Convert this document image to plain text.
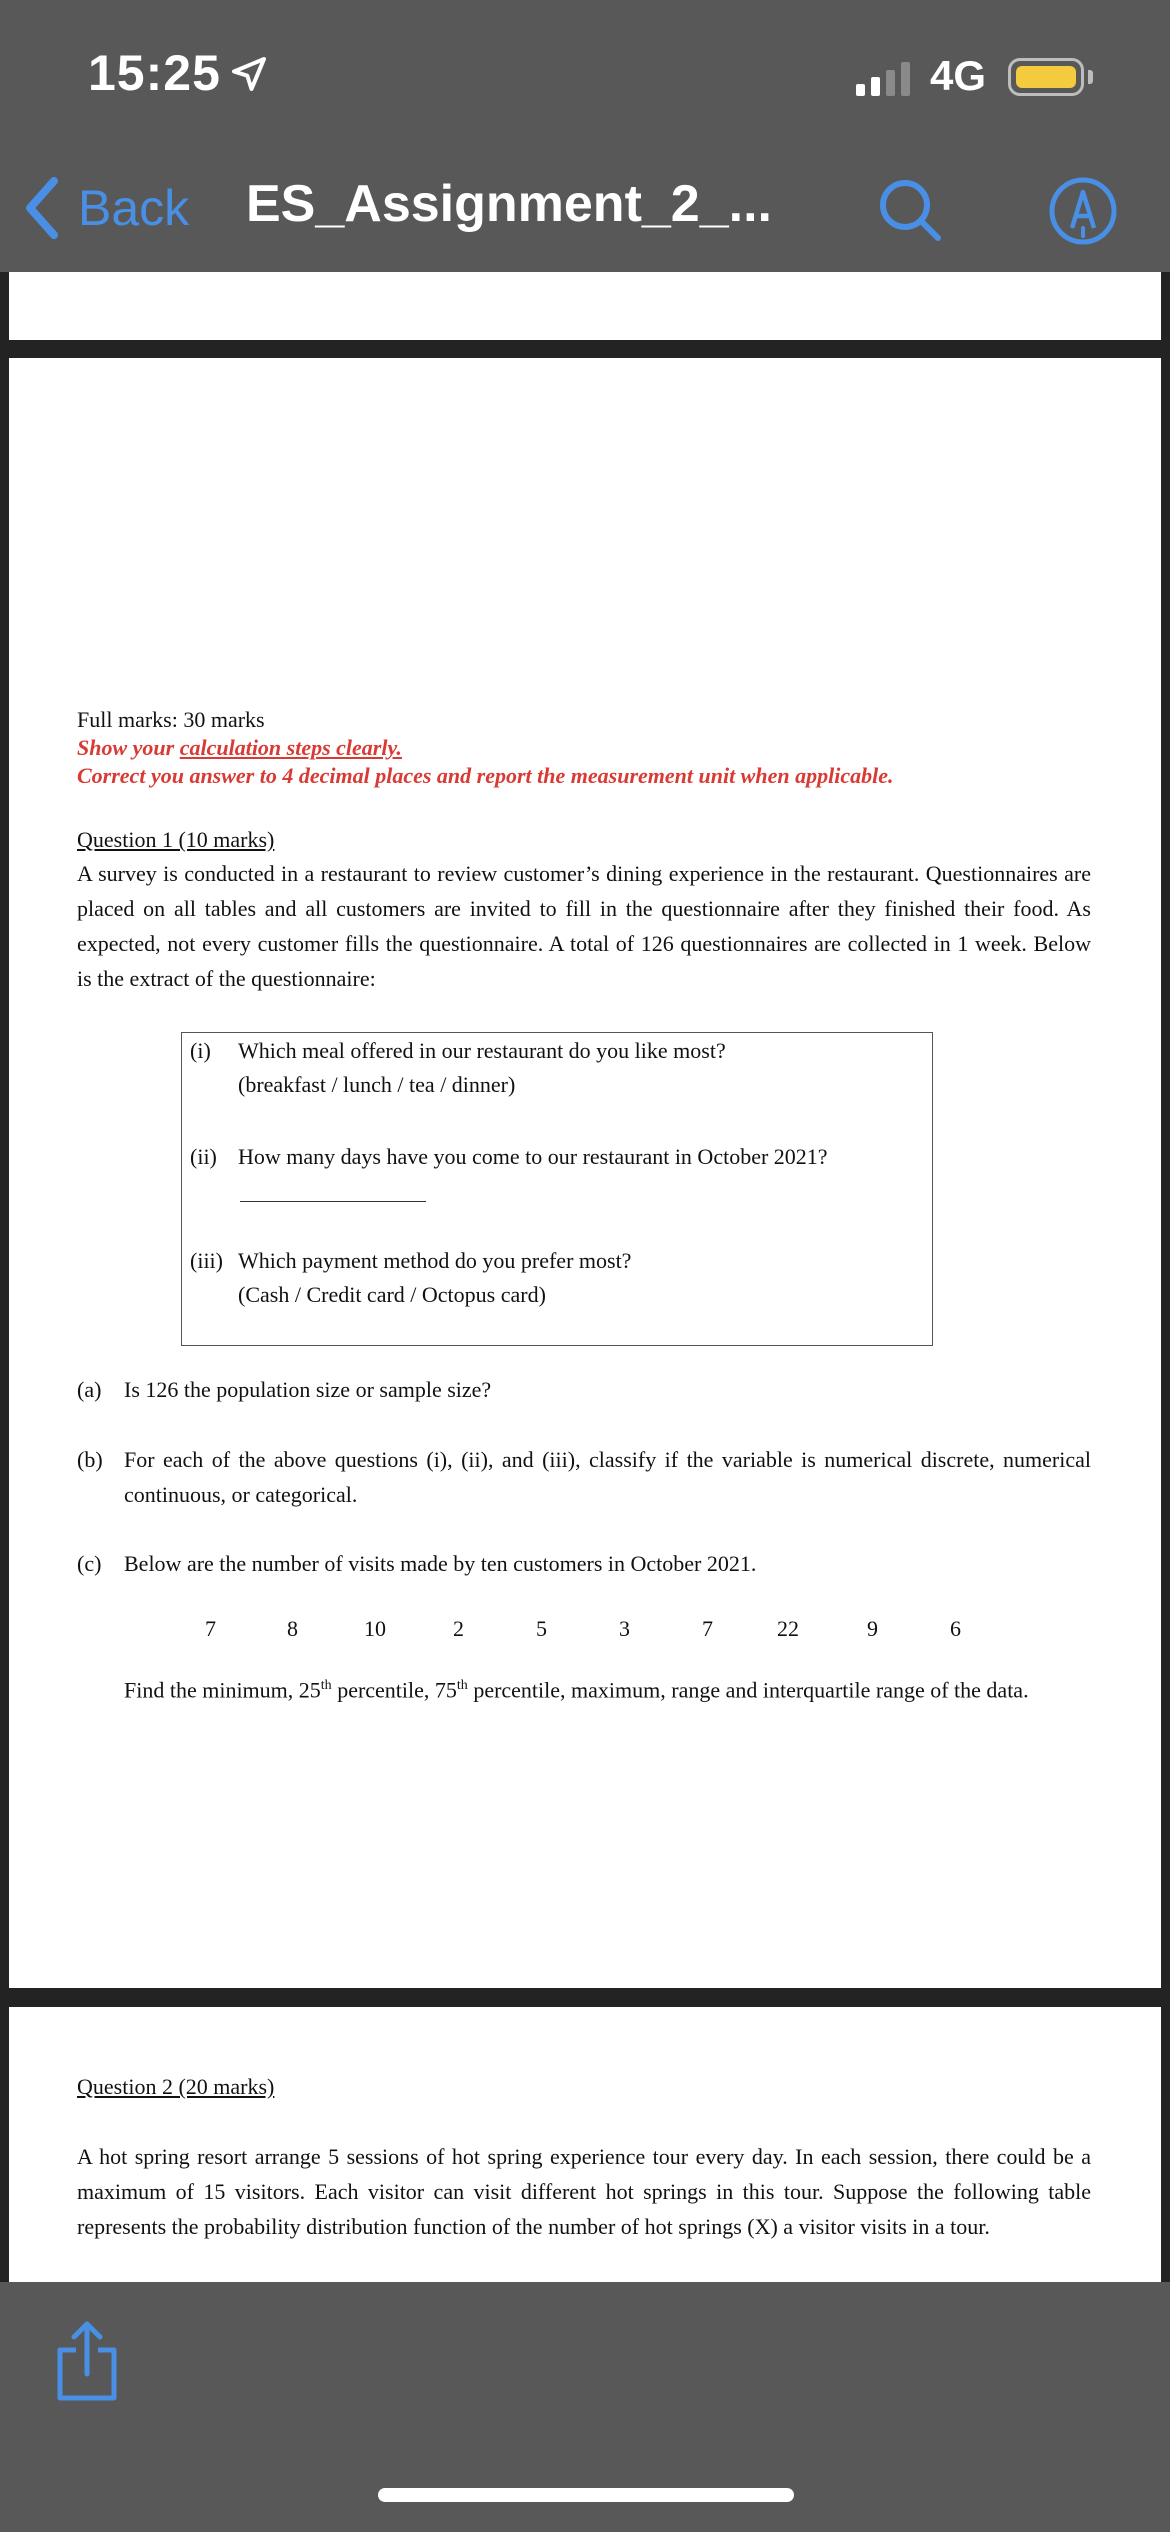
15:25	4G
Back ES_Assignment_2_...
Full marks: 30 marks
Show your calculation steps clearly.
Correct you answer to 4 decimal places and report the measurement unit when applicable.
Question 1 (10 marks)
A survey is conducted in a restaurant to review customer’s dining experience in the restaurant. Questionnaires are placed on all tables and all customers are invited to fill in the questionnaire after they finished their food. As expected, not every customer fills the questionnaire. A total of 126 questionnaires are collected in 1 week. Below is the extract of the questionnaire:
(i) Which meal offered in our restaurant do you like most?
(breakfast / lunch / tea / dinner)
(ii) How many days have you come to our restaurant in October 2021?
(iii) Which payment method do you prefer most?
(Cash / Credit card / Octopus card)
(a) Is 126 the population size or sample size?
(b) For each of the above questions (i), (ii), and (iii), classify if the variable is numerical discrete, numerical continuous, or categorical.
(c) Below are the number of visits made by ten customers in October 2021.
7	8	10	2	5	3	7	22	9	6
Find the minimum, 25th percentile, 75th percentile, maximum, range and interquartile range of the data.
Question 2 (20 marks)
A hot spring resort arrange 5 sessions of hot spring experience tour every day. In each session, there could be a maximum of 15 visitors. Each visitor can visit different hot springs in this tour. Suppose the following table represents the probability distribution function of the number of hot springs (X) a visitor visits in a tour.
